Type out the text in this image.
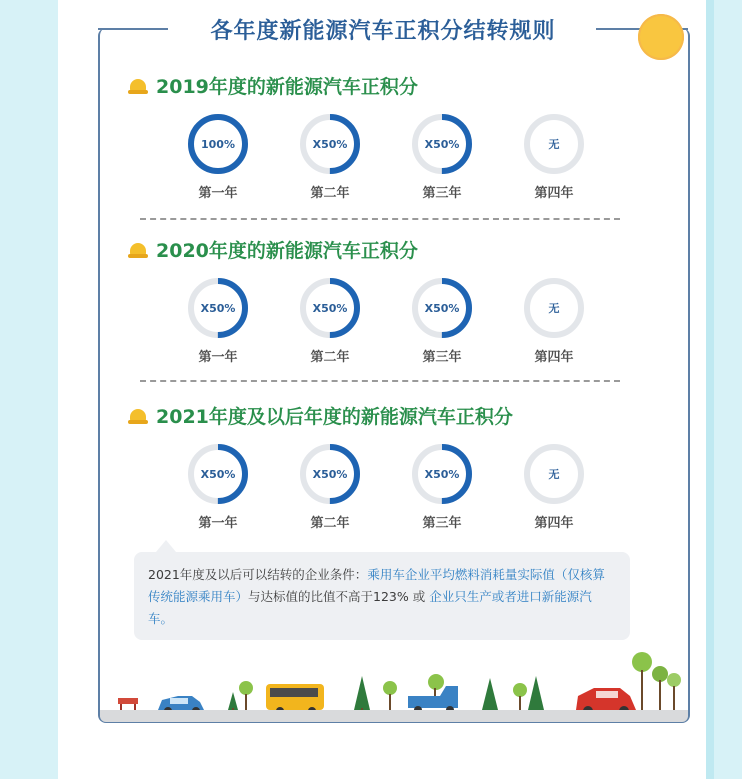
各年度新能源汽车正积分结转规则
2019年度的新能源汽车正积分
100%
第一年
X50%
第二年
X50%
第三年
无
第四年
2020年度的新能源汽车正积分
X50%
第一年
X50%
第二年
X50%
第三年
无
第四年
2021年度及以后年度的新能源汽车正积分
X50%
第一年
X50%
第二年
X50%
第三年
无
第四年
2021年度及以后可以结转的企业条件：乘用车企业平均燃料消耗量实际值（仅核算传统能源乘用车）与达标值的比值不高于123% 或 企业只生产或者进口新能源汽车。
